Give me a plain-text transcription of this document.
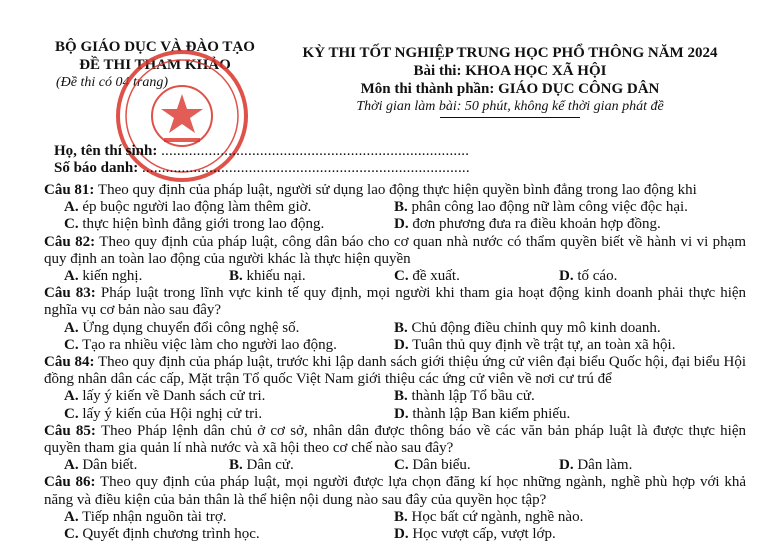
BỘ GIÁO DỤC VÀ ĐÀO TẠO
ĐỀ THI THAM KHẢO
(Đề thi có 04 trang)
KỲ THI TỐT NGHIỆP TRUNG HỌC PHỔ THÔNG NĂM 2024
Bài thi: KHOA HỌC XÃ HỘI
Môn thi thành phần: GIÁO DỤC CÔNG DÂN
Thời gian làm bài: 50 phút, không kể thời gian phát đề
Họ, tên thí sinh: ..............................................................................
Số báo danh: ...................................................................................
Câu 81: Theo quy định của pháp luật, người sử dụng lao động thực hiện quyền bình đẳng trong lao động khi
A. ép buộc người lao động làm thêm giờ.	B. phân công lao động nữ làm công việc độc hại.
C. thực hiện bình đẳng giới trong lao động.	D. đơn phương đưa ra điều khoản hợp đồng.
Câu 82: Theo quy định của pháp luật, công dân báo cho cơ quan nhà nước có thẩm quyền biết về hành vi vi phạm quy định an toàn lao động của người khác là thực hiện quyền
A. kiến nghị.	B. khiếu nại.	C. đề xuất.	D. tố cáo.
Câu 83: Pháp luật trong lĩnh vực kinh tế quy định, mọi người khi tham gia hoạt động kinh doanh phải thực hiện nghĩa vụ cơ bản nào sau đây?
A. Ứng dụng chuyển đổi công nghệ số.	B. Chủ động điều chỉnh quy mô kinh doanh.
C. Tạo ra nhiều việc làm cho người lao động.	D. Tuân thủ quy định về trật tự, an toàn xã hội.
Câu 84: Theo quy định của pháp luật, trước khi lập danh sách giới thiệu ứng cử viên đại biểu Quốc hội, đại biểu Hội đồng nhân dân các cấp, Mặt trận Tổ quốc Việt Nam giới thiệu các ứng cử viên về nơi cư trú để
A. lấy ý kiến về Danh sách cử tri.	B. thành lập Tổ bầu cử.
C. lấy ý kiến của Hội nghị cử tri.	D. thành lập Ban kiểm phiếu.
Câu 85: Theo Pháp lệnh dân chủ ở cơ sở, nhân dân được thông báo về các văn bản pháp luật là được thực hiện quyền tham gia quản lí nhà nước và xã hội theo cơ chế nào sau đây?
A. Dân biết.	B. Dân cử.	C. Dân biểu.	D. Dân làm.
Câu 86: Theo quy định của pháp luật, mọi người được lựa chọn đăng kí học những ngành, nghề phù hợp với khả năng và điều kiện của bản thân là thể hiện nội dung nào sau đây của quyền học tập?
A. Tiếp nhận nguồn tài trợ.	B. Học bất cứ ngành, nghề nào.
C. Quyết định chương trình học.	D. Học vượt cấp, vượt lớp.
